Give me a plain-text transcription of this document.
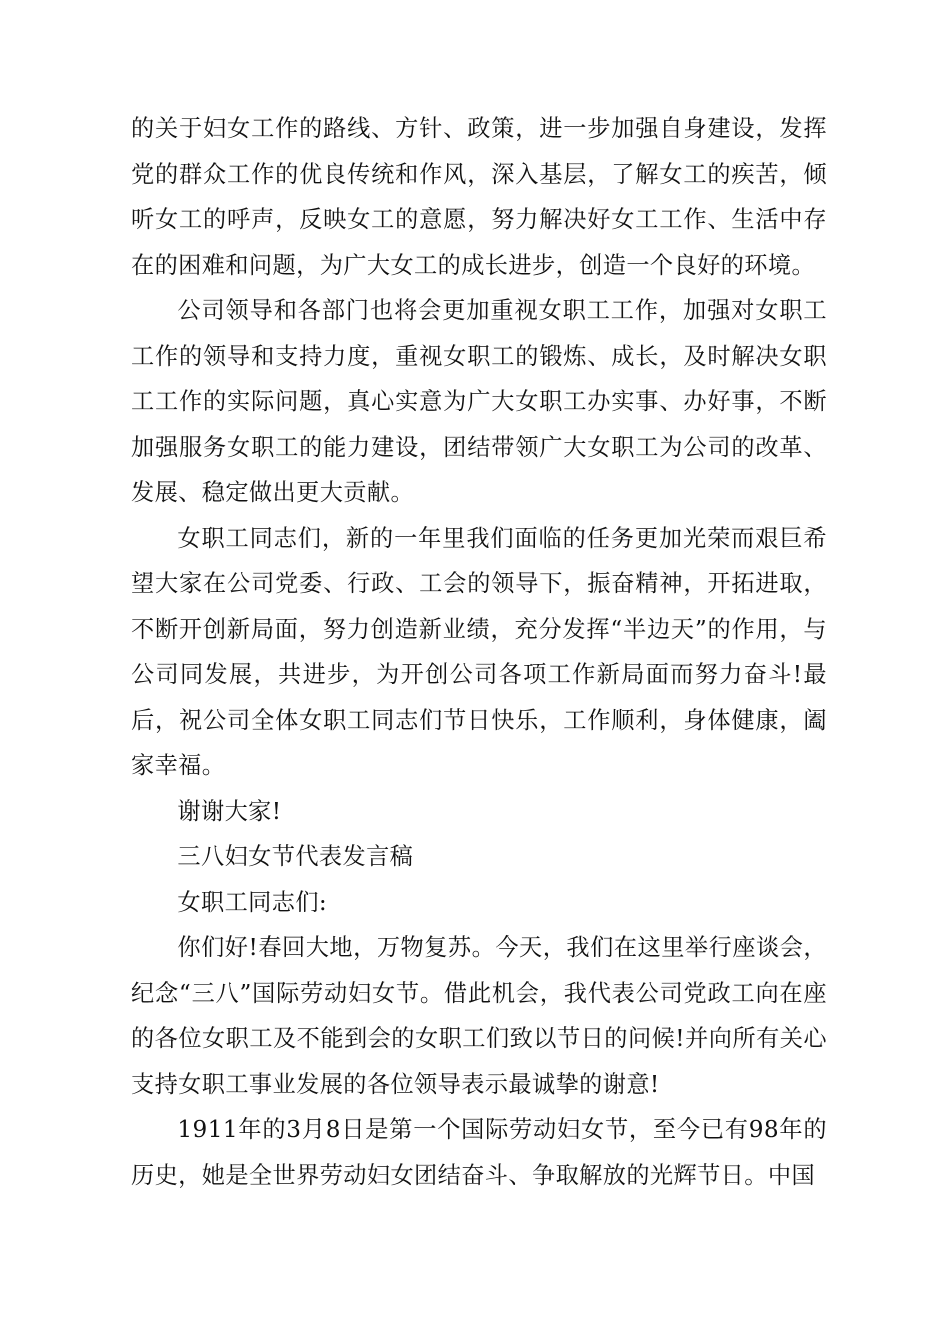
的关于妇女工作的路线、方针、政策，进一步加强自身建设，发挥党的群众工作的优良传统和作风，深入基层，了解女工的疾苦，倾听女工的呼声，反映女工的意愿，努力解决好女工工作、生活中存在的困难和问题，为广大女工的成长进步，创造一个良好的环境。

公司领导和各部门也将会更加重视女职工工作，加强对女职工工作的领导和支持力度，重视女职工的锻炼、成长，及时解决女职工工作的实际问题，真心实意为广大女职工办实事、办好事，不断加强服务女职工的能力建设，团结带领广大女职工为公司的改革、发展、稳定做出更大贡献。

女职工同志们，新的一年里我们面临的任务更加光荣而艰巨希望大家在公司党委、行政、工会的领导下，振奋精神，开拓进取，不断开创新局面，努力创造新业绩，充分发挥“半边天”的作用，与公司同发展，共进步，为开创公司各项工作新局面而努力奋斗!最后，祝公司全体女职工同志们节日快乐，工作顺利，身体健康，阖家幸福。

谢谢大家!

三八妇女节代表发言稿

女职工同志们:

你们好!春回大地，万物复苏。今天，我们在这里举行座谈会，纪念“三八”国际劳动妇女节。借此机会，我代表公司党政工向在座的各位女职工及不能到会的女职工们致以节日的问候!并向所有关心支持女职工事业发展的各位领导表示最诚挚的谢意!

1911年的3月8日是第一个国际劳动妇女节，至今已有98年的历史，她是全世界劳动妇女团结奋斗、争取解放的光辉节日。中国
